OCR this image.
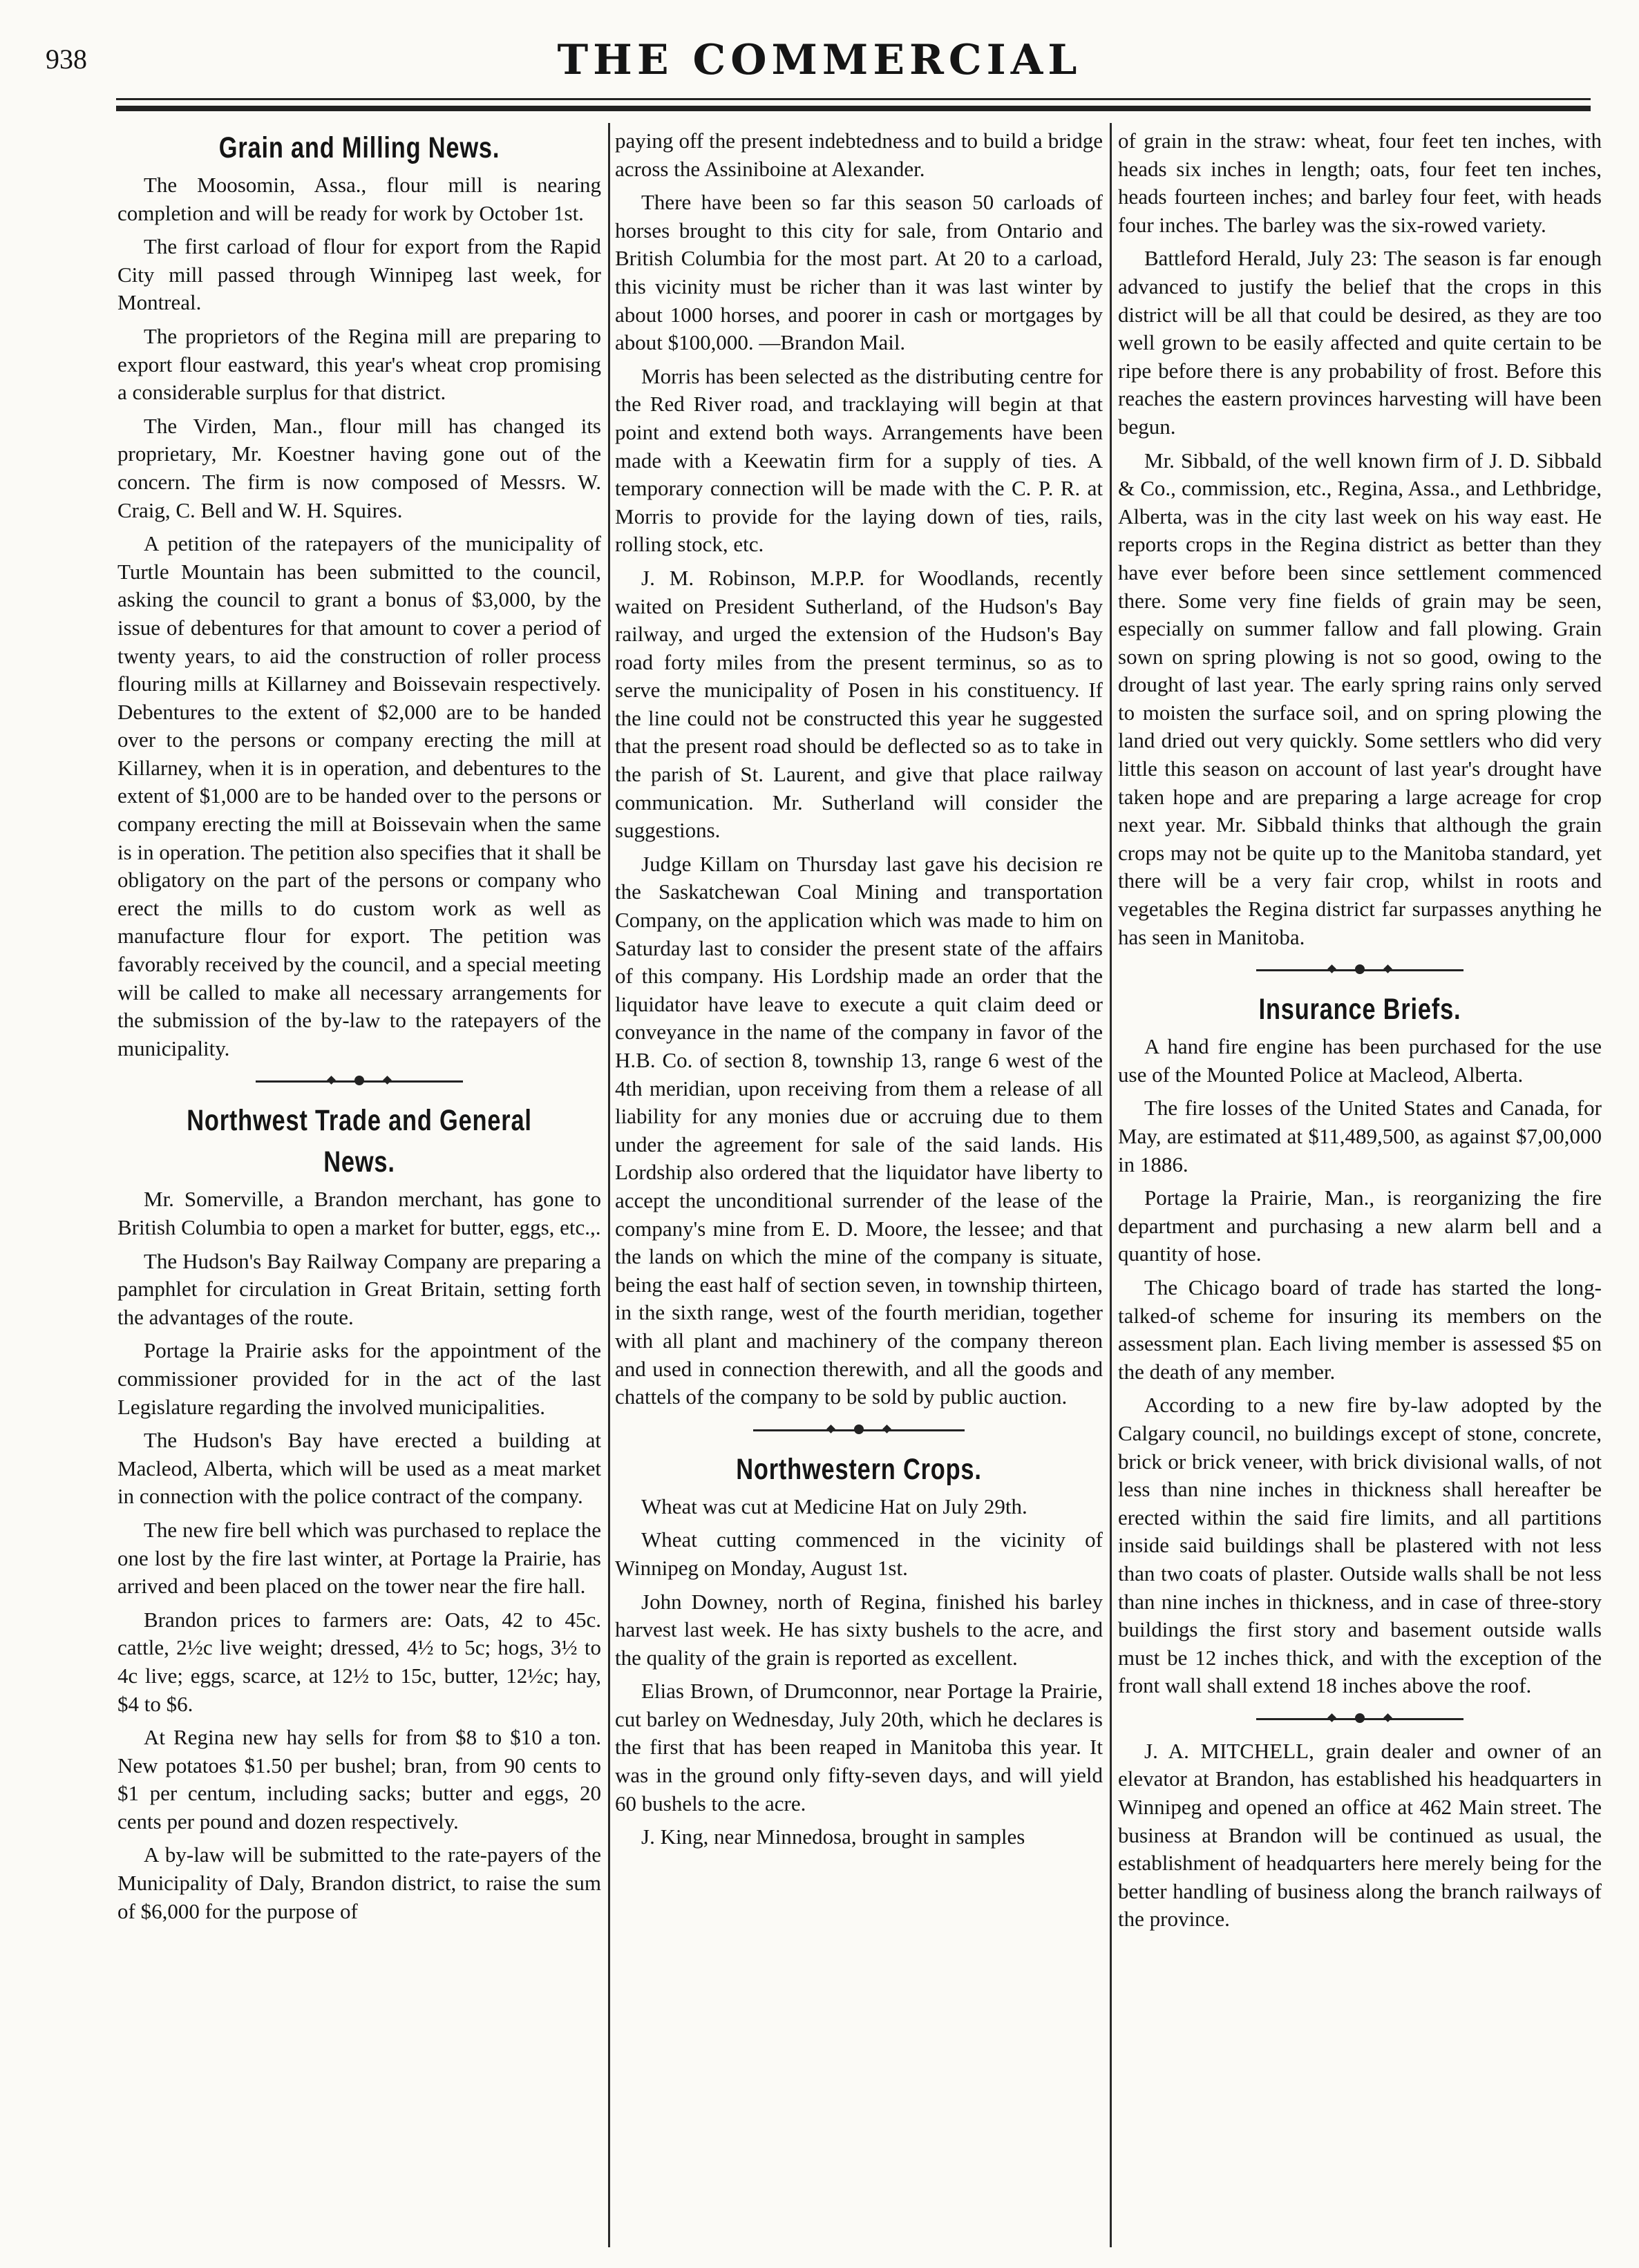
938	THE COMMERCIAL
Grain and Milling News.

The Moosomin, Assa., flour mill is nearing completion and will be ready for work by October 1st.

The first carload of flour for export from the Rapid City mill passed through Winnipeg last week, for Montreal.

The proprietors of the Regina mill are preparing to export flour eastward, this year's wheat crop promising a considerable surplus for that district.

The Virden, Man., flour mill has changed its proprietary, Mr. Koestner having gone out of the concern. The firm is now composed of Messrs. W. Craig, C. Bell and W. H. Squires.

A petition of the ratepayers of the municipality of Turtle Mountain has been submitted to the council, asking the council to grant a bonus of $3,000, by the issue of debentures for that amount to cover a period of twenty years, to aid the construction of roller process flouring mills at Killarney and Boissevain respectively. Debentures to the extent of $2,000 are to be handed over to the persons or company erecting the mill at Killarney, when it is in operation, and debentures to the extent of $1,000 are to be handed over to the persons or company erecting the mill at Boissevain when the same is in operation. The petition also specifies that it shall be obligatory on the part of the persons or company who erect the mills to do custom work as well as manufacture flour for export. The petition was favorably received by the council, and a special meeting will be called to make all necessary arrangements for the submission of the by-law to the ratepayers of the municipality.

Northwest Trade and General News.

Mr. Somerville, a Brandon merchant, has gone to British Columbia to open a market for butter, eggs, etc.,.

The Hudson's Bay Railway Company are preparing a pamphlet for circulation in Great Britain, setting forth the advantages of the route.

Portage la Prairie asks for the appointment of the commissioner provided for in the act of the last Legislature regarding the involved municipalities.

The Hudson's Bay have erected a building at Macleod, Alberta, which will be used as a meat market in connection with the police contract of the company.

The new fire bell which was purchased to replace the one lost by the fire last winter, at Portage la Prairie, has arrived and been placed on the tower near the fire hall.

Brandon prices to farmers are: Oats, 42 to 45c. cattle, 2½c live weight; dressed, 4½ to 5c; hogs, 3½ to 4c live; eggs, scarce, at 12½ to 15c, butter, 12½c; hay, $4 to $6.

At Regina new hay sells for from $8 to $10 a ton. New potatoes $1.50 per bushel; bran, from 90 cents to $1 per centum, including sacks; butter and eggs, 20 cents per pound and dozen respectively.

A by-law will be submitted to the rate-payers of the Municipality of Daly, Brandon district, to raise the sum of $6,000 for the purpose of

paying off the present indebtedness and to build a bridge across the Assiniboine at Alexander.

There have been so far this season 50 carloads of horses brought to this city for sale, from Ontario and British Columbia for the most part. At 20 to a carload, this vicinity must be richer than it was last winter by about 1000 horses, and poorer in cash or mortgages by about $100,000. —Brandon Mail.

Morris has been selected as the distributing centre for the Red River road, and tracklaying will begin at that point and extend both ways. Arrangements have been made with a Keewatin firm for a supply of ties. A temporary connection will be made with the C. P. R. at Morris to provide for the laying down of ties, rails, rolling stock, etc.

J. M. Robinson, M.P.P. for Woodlands, recently waited on President Sutherland, of the Hudson's Bay railway, and urged the extension of the Hudson's Bay road forty miles from the present terminus, so as to serve the municipality of Posen in his constituency. If the line could not be constructed this year he suggested that the present road should be deflected so as to take in the parish of St. Laurent, and give that place railway communication. Mr. Sutherland will consider the suggestions.

Judge Killam on Thursday last gave his decision re the Saskatchewan Coal Mining and transportation Company, on the application which was made to him on Saturday last to consider the present state of the affairs of this company. His Lordship made an order that the liquidator have leave to execute a quit claim deed or conveyance in the name of the company in favor of the H.B. Co. of section 8, township 13, range 6 west of the 4th meridian, upon receiving from them a release of all liability for any monies due or accruing due to them under the agreement for sale of the said lands. His Lordship also ordered that the liquidator have liberty to accept the unconditional surrender of the lease of the company's mine from E. D. Moore, the lessee; and that the lands on which the mine of the company is situate, being the east half of section seven, in township thirteen, in the sixth range, west of the fourth meridian, together with all plant and machinery of the company thereon and used in connection therewith, and all the goods and chattels of the company to be sold by public auction.

Northwestern Crops.

Wheat was cut at Medicine Hat on July 29th.

Wheat cutting commenced in the vicinity of Winnipeg on Monday, August 1st.

John Downey, north of Regina, finished his barley harvest last week. He has sixty bushels to the acre, and the quality of the grain is reported as excellent.

Elias Brown, of Drumconnor, near Portage la Prairie, cut barley on Wednesday, July 20th, which he declares is the first that has been reaped in Manitoba this year. It was in the ground only fifty-seven days, and will yield 60 bushels to the acre.

J. King, near Minnedosa, brought in samples

of grain in the straw: wheat, four feet ten inches, with heads six inches in length; oats, four feet ten inches, heads fourteen inches; and barley four feet, with heads four inches. The barley was the six-rowed variety.

Battleford Herald, July 23: The season is far enough advanced to justify the belief that the crops in this district will be all that could be desired, as they are too well grown to be easily affected and quite certain to be ripe before there is any probability of frost. Before this reaches the eastern provinces harvesting will have been begun.

Mr. Sibbald, of the well known firm of J. D. Sibbald & Co., commission, etc., Regina, Assa., and Lethbridge, Alberta, was in the city last week on his way east. He reports crops in the Regina district as better than they have ever before been since settlement commenced there. Some very fine fields of grain may be seen, especially on summer fallow and fall plowing. Grain sown on spring plowing is not so good, owing to the drought of last year. The early spring rains only served to moisten the surface soil, and on spring plowing the land dried out very quickly. Some settlers who did very little this season on account of last year's drought have taken hope and are preparing a large acreage for crop next year. Mr. Sibbald thinks that although the grain crops may not be quite up to the Manitoba standard, yet there will be a very fair crop, whilst in roots and vegetables the Regina district far surpasses anything he has seen in Manitoba.

Insurance Briefs.

A hand fire engine has been purchased for the use use of the Mounted Police at Macleod, Alberta.

The fire losses of the United States and Canada, for May, are estimated at $11,489,500, as against $7,00,000 in 1886.

Portage la Prairie, Man., is reorganizing the fire department and purchasing a new alarm bell and a quantity of hose.

The Chicago board of trade has started the long-talked-of scheme for insuring its members on the assessment plan. Each living member is assessed $5 on the death of any member.

According to a new fire by-law adopted by the Calgary council, no buildings except of stone, concrete, brick or brick veneer, with brick divisional walls, of not less than nine inches in thickness shall hereafter be erected within the said fire limits, and all partitions inside said buildings shall be plastered with not less than two coats of plaster. Outside walls shall be not less than nine inches in thickness, and in case of three-story buildings the first story and basement outside walls must be 12 inches thick, and with the exception of the front wall shall extend 18 inches above the roof.

J. A. MITCHELL, grain dealer and owner of an elevator at Brandon, has established his headquarters in Winnipeg and opened an office at 462 Main street. The business at Brandon will be continued as usual, the establishment of headquarters here merely being for the better handling of business along the branch railways of the province.
